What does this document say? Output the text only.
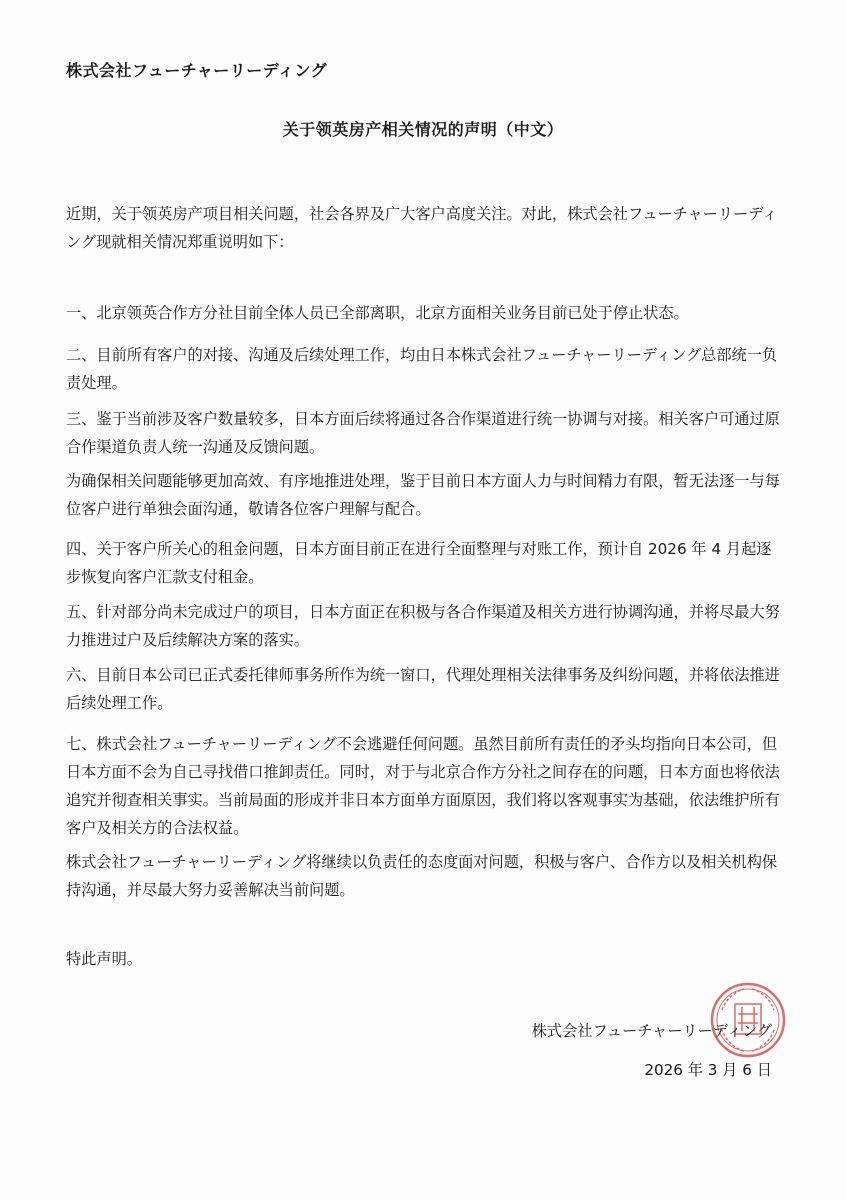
株式会社フューチャーリーディング
关于领英房产相关情况的声明（中文）

近期，关于领英房产项目相关问题，社会各界及广大客户高度关注。对此，株式会社フューチャーリーディング现就相关情况郑重说明如下：

一、北京领英合作方分社目前全体人员已全部离职，北京方面相关业务目前已处于停止状态。

二、目前所有客户的对接、沟通及后续处理工作，均由日本株式会社フューチャーリーディング总部统一负责处理。

三、鉴于当前涉及客户数量较多，日本方面后续将通过各合作渠道进行统一协调与对接。相关客户可通过原合作渠道负责人统一沟通及反馈问题。

为确保相关问题能够更加高效、有序地推进处理，鉴于目前日本方面人力与时间精力有限，暂无法逐一与每位客户进行单独会面沟通，敬请各位客户理解与配合。

四、关于客户所关心的租金问题，日本方面目前正在进行全面整理与对账工作，预计自 2026 年 4 月起逐步恢复向客户汇款支付租金。

五、针对部分尚未完成过户的项目，日本方面正在积极与各合作渠道及相关方进行协调沟通，并将尽最大努力推进过户及后续解决方案的落实。

六、目前日本公司已正式委托律师事务所作为统一窗口，代理处理相关法律事务及纠纷问题，并将依法推进后续处理工作。

七、株式会社フューチャーリーディング不会逃避任何问题。虽然目前所有责任的矛头均指向日本公司，但日本方面不会为自己寻找借口推卸责任。同时，对于与北京合作方分社之间存在的问题，日本方面也将依法追究并彻查相关事实。当前局面的形成并非日本方面单方面原因，我们将以客观事实为基础，依法维护所有客户及相关方的合法权益。

株式会社フューチャーリーディング将继续以负责任的态度面对问题，积极与客户、合作方以及相关机构保持沟通，并尽最大努力妥善解决当前问题。

特此声明。
株式会社フューチャーリーディング
2026 年 3 月 6 日
